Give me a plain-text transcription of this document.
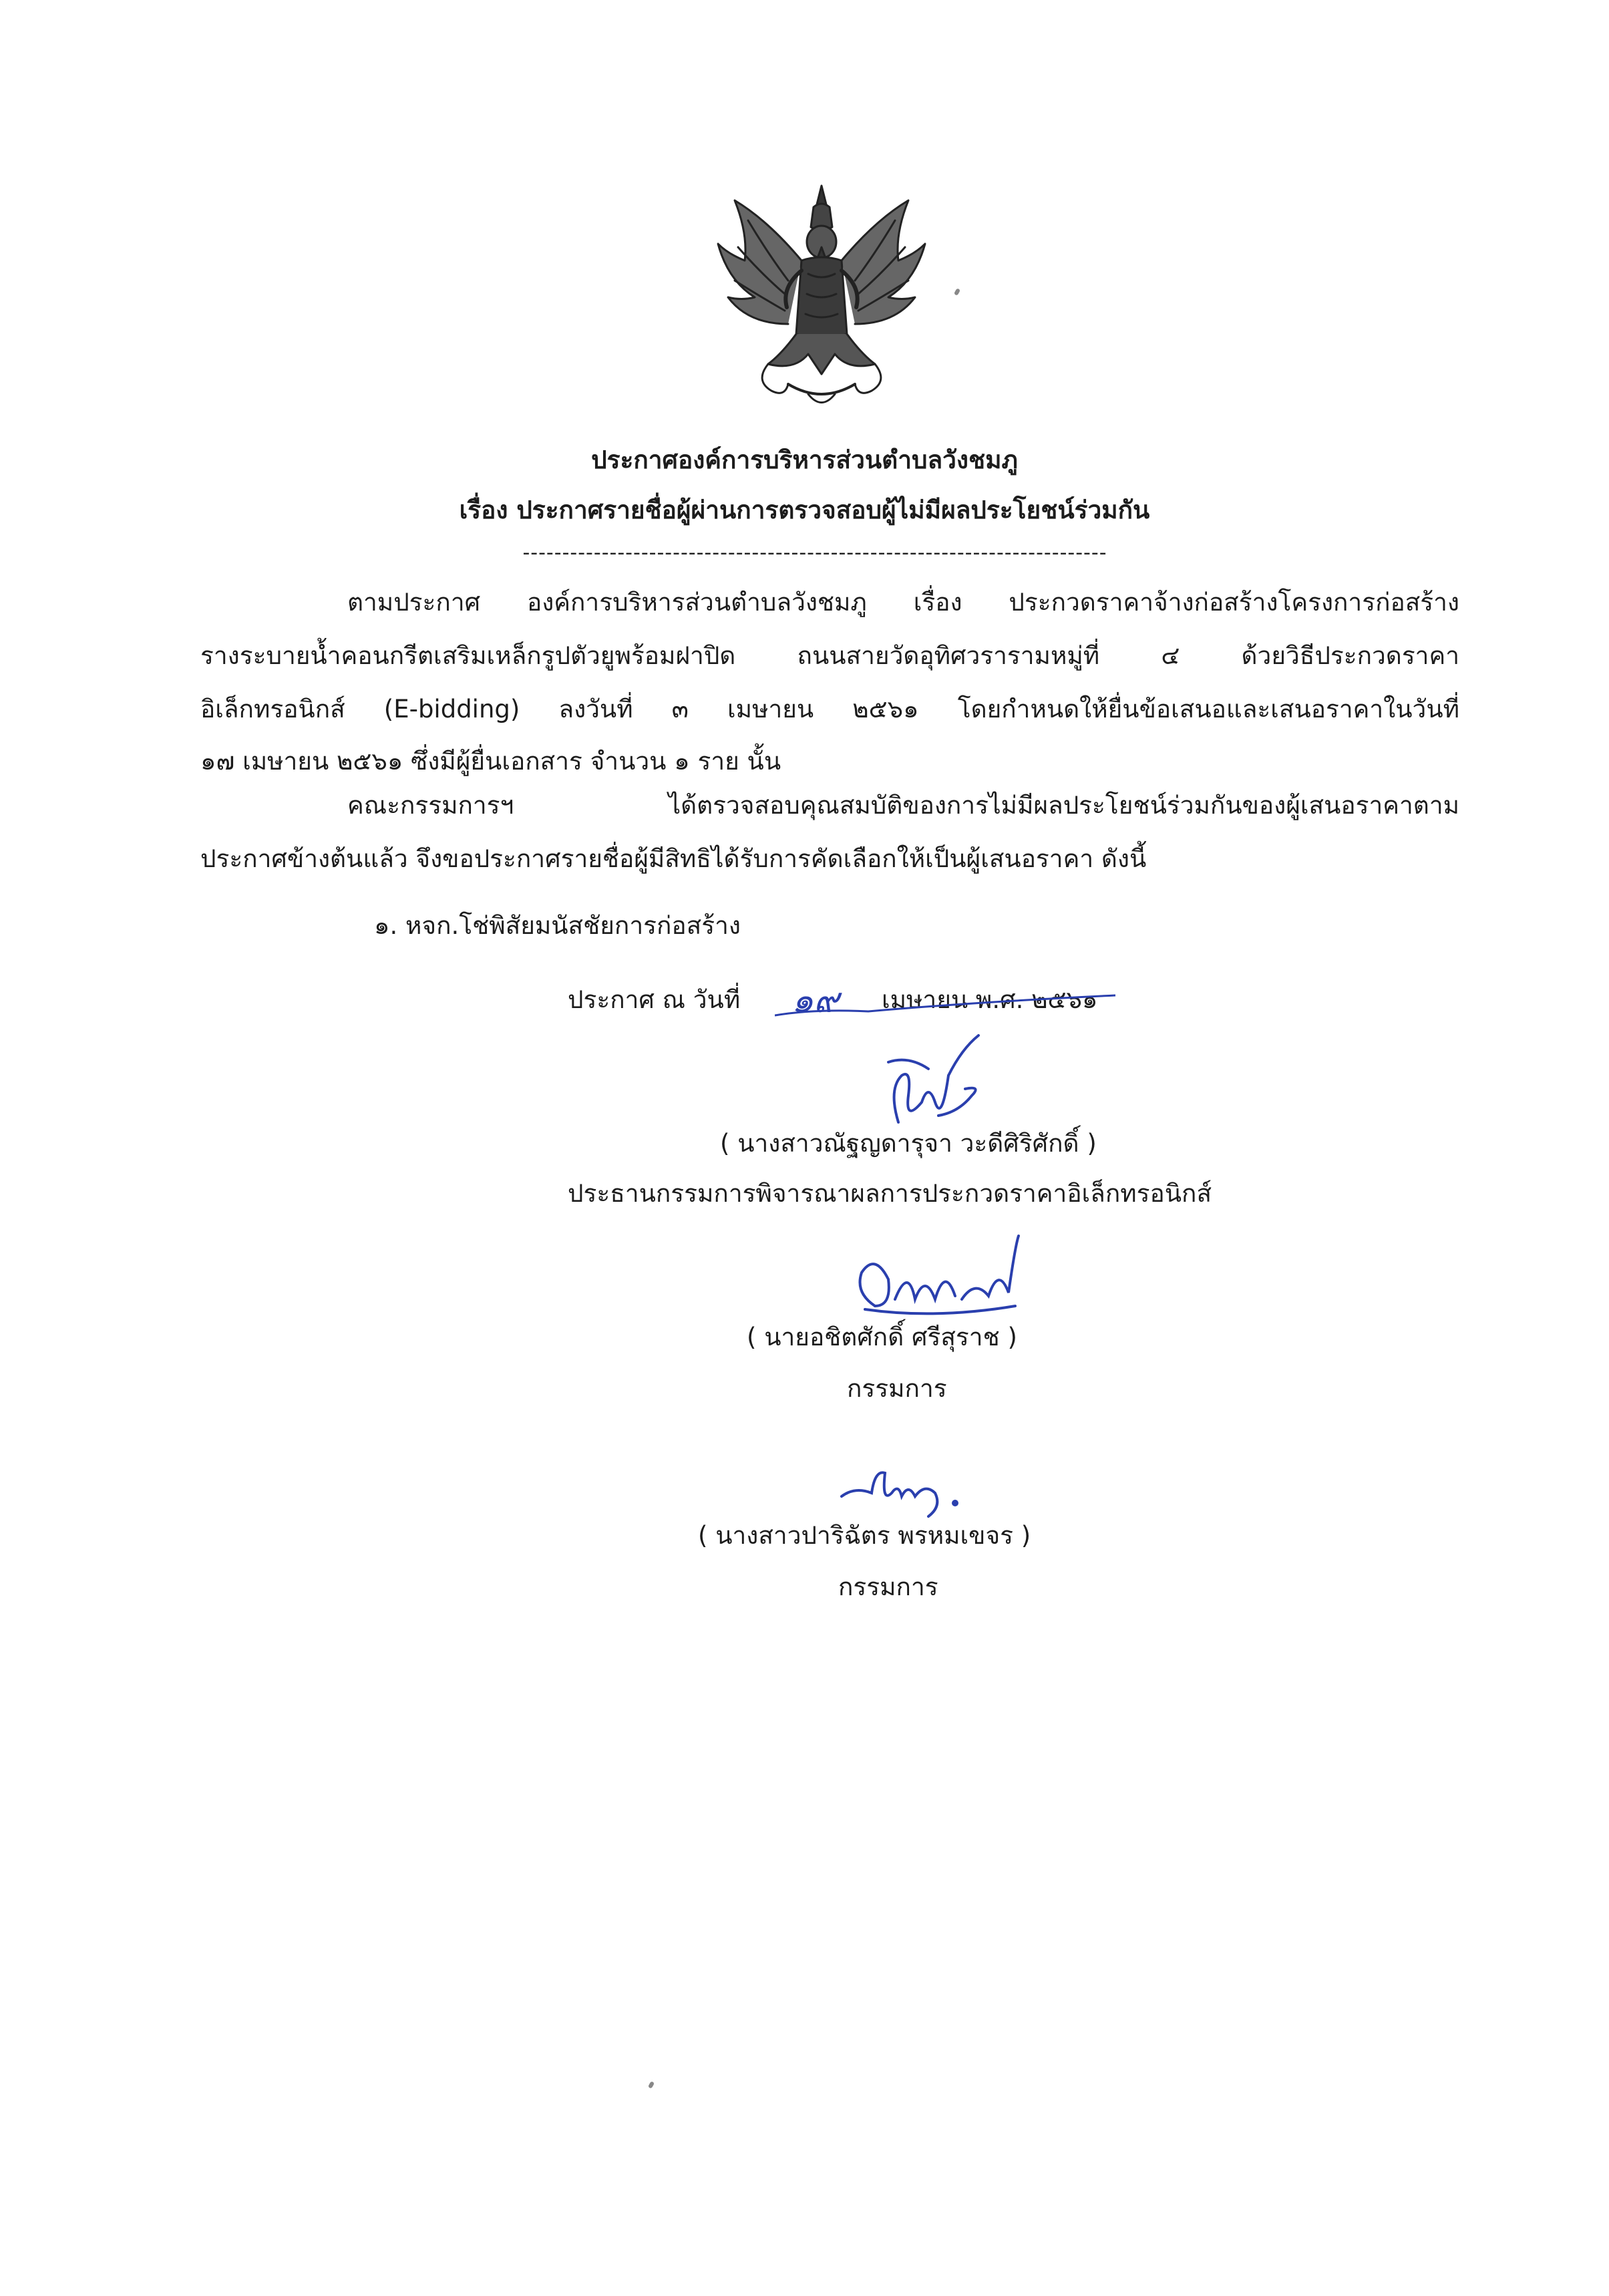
ประกาศองค์การบริหารส่วนตำบลวังชมภู
เรื่อง ประกาศรายชื่อผู้ผ่านการตรวจสอบผู้ไม่มีผลประโยชน์ร่วมกัน
--------------------------------------------------------------------------
ตามประกาศ องค์การบริหารส่วนตำบลวังชมภู เรื่อง ประกวดราคาจ้างก่อสร้างโครงการก่อสร้าง
รางระบายน้ำคอนกรีตเสริมเหล็กรูปตัวยูพร้อมฝาปิด ถนนสายวัดอุทิศวรารามหมู่ที่ ๔ ด้วยวิธีประกวดราคา
อิเล็กทรอนิกส์ (E-bidding) ลงวันที่ ๓ เมษายน ๒๕๖๑ โดยกำหนดให้ยื่นข้อเสนอและเสนอราคาในวันที่
๑๗ เมษายน ๒๕๖๑ ซึ่งมีผู้ยื่นเอกสาร จำนวน ๑ ราย นั้น
คณะกรรมการฯ ได้ตรวจสอบคุณสมบัติของการไม่มีผลประโยชน์ร่วมกันของผู้เสนอราคาตาม
ประกาศข้างต้นแล้ว จึงขอประกาศรายชื่อผู้มีสิทธิได้รับการคัดเลือกให้เป็นผู้เสนอราคา ดังนี้
๑. หจก.โช่พิสัยมนัสชัยการก่อสร้าง
ประกาศ ณ วันที่ ๑๙ เมษายน พ.ศ. ๒๕๖๑
( นางสาวณัฐญดารุจา วะดีศิริศักดิ์ )
ประธานกรรมการพิจารณาผลการประกวดราคาอิเล็กทรอนิกส์
( นายอชิตศักดิ์ ศรีสุราช )
กรรมการ
( นางสาวปาริฉัตร พรหมเขจร )
กรรมการ
